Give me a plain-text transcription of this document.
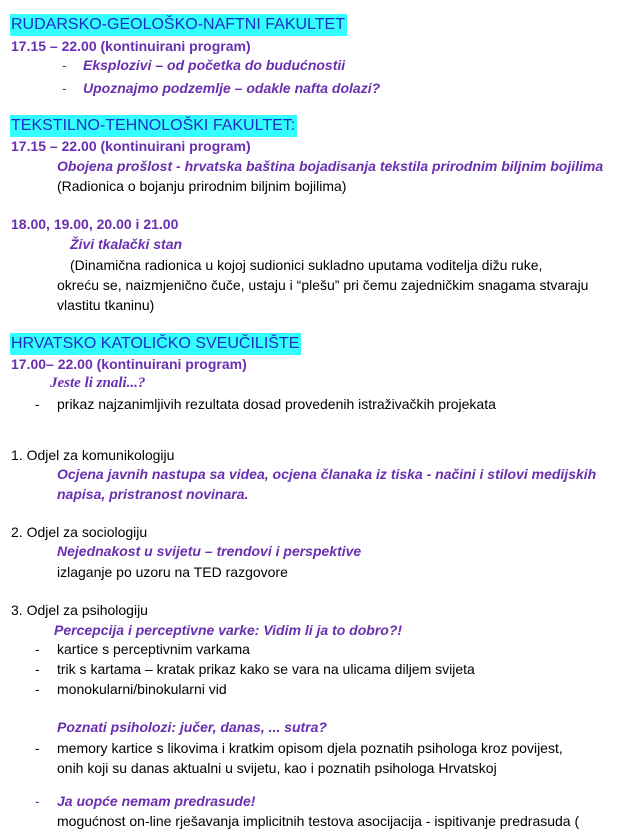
RUDARSKO-GEOLOŠKO-NAFTNI FAKULTET
17.15 – 22.00 (kontinuirani program)
- Eksplozivi – od početka do budućnostii
- Upoznajmo podzemlje – odakle nafta dolazi?
TEKSTILNO-TEHNOLOŠKI FAKULTET:
17.15 – 22.00 (kontinuirani program)
Obojena prošlost - hrvatska baština bojadisanja tekstila prirodnim biljnim bojilima
(Radionica o bojanju prirodnim biljnim bojilima)
18.00, 19.00, 20.00 i 21.00
Živi tkalački stan
(Dinamična radionica u kojoj sudionici sukladno uputama voditelja dižu ruke,
okreću se, naizmjenično čuče, ustaju i “plešu” pri čemu zajedničkim snagama stvaraju
vlastitu tkaninu)
HRVATSKO KATOLIČKO SVEUČILIŠTE
17.00– 22.00 (kontinuirani program)
Jeste li znali...?
- prikaz najzanimljivih rezultata dosad provedenih istraživačkih projekata
1. Odjel za komunikologiju
Ocjena javnih nastupa sa videa, ocjena članaka iz tiska - načini i stilovi medijskih
napisa, pristranost novinara.
2. Odjel za sociologiju
Nejednakost u svijetu – trendovi i perspektive
izlaganje po uzoru na TED razgovore
3. Odjel za psihologiju
Percepcija i perceptivne varke: Vidim li ja to dobro?!
- kartice s perceptivnim varkama
- trik s kartama – kratak prikaz kako se vara na ulicama diljem svijeta
- monokularni/binokularni vid
Poznati psiholozi: jučer, danas, ... sutra?
- memory kartice s likovima i kratkim opisom djela poznatih psihologa kroz povijest,
onih koji su danas aktualni u svijetu, kao i poznatih psihologa Hrvatskoj
- Ja uopće nemam predrasude!
mogućnost on-line rješavanja implicitnih testova asocijacija - ispitivanje predrasuda (
